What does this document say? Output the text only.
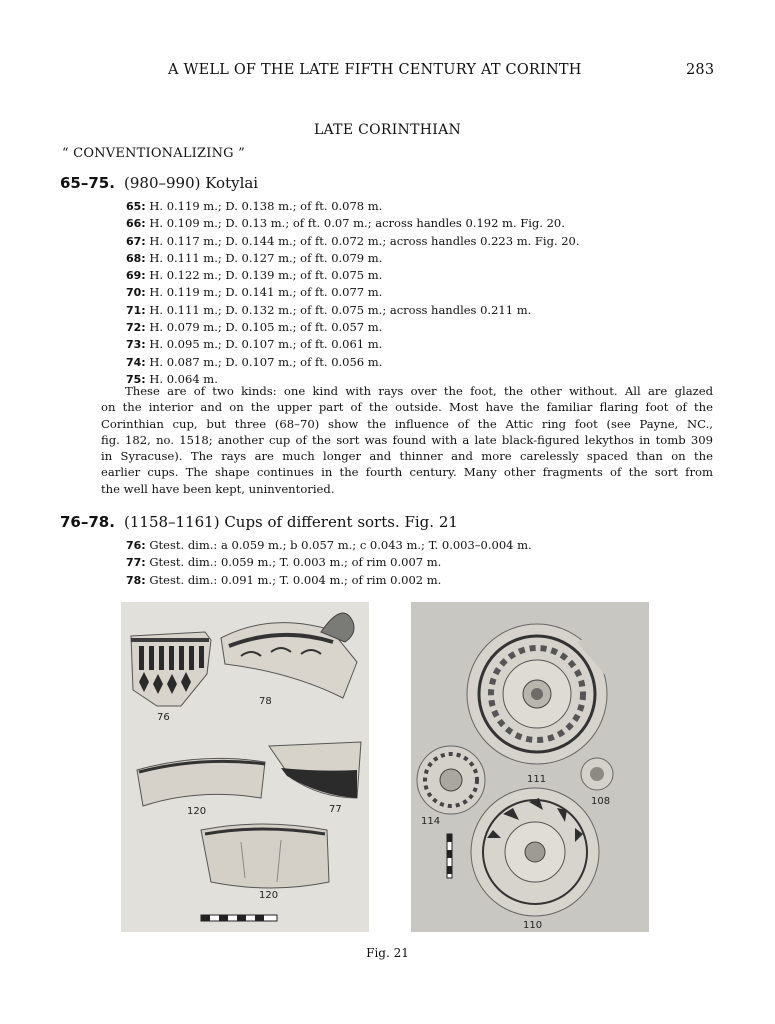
A WELL OF THE LATE FIFTH CENTURY AT CORINTH	283
LATE CORINTHIAN
“ CONVENTIONALIZING ”
65–75. (980–990) Kotylai
65: H. 0.119 m.; D. 0.138 m.; of ft. 0.078 m.
66: H. 0.109 m.; D. 0.13 m.; of ft. 0.07 m.; across handles 0.192 m. Fig. 20.
67: H. 0.117 m.; D. 0.144 m.; of ft. 0.072 m.; across handles 0.223 m. Fig. 20.
68: H. 0.111 m.; D. 0.127 m.; of ft. 0.079 m.
69: H. 0.122 m.; D. 0.139 m.; of ft. 0.075 m.
70: H. 0.119 m.; D. 0.141 m.; of ft. 0.077 m.
71: H. 0.111 m.; D. 0.132 m.; of ft. 0.075 m.; across handles 0.211 m.
72: H. 0.079 m.; D. 0.105 m.; of ft. 0.057 m.
73: H. 0.095 m.; D. 0.107 m.; of ft. 0.061 m.
74: H. 0.087 m.; D. 0.107 m.; of ft. 0.056 m.
75: H. 0.064 m.
These are of two kinds: one kind with rays over the foot, the other without. All are glazed
on the interior and on the upper part of the outside. Most have the familiar flaring foot of the
Corinthian cup, but three (68–70) show the influence of the Attic ring foot (see Payne, NC.,
fig. 182, no. 1518; another cup of the sort was found with a late black-figured lekythos in tomb 309
in Syracuse). The rays are much longer and thinner and more carelessly spaced than on the
earlier cups. The shape continues in the fourth century. Many other fragments of the sort from
the well have been kept, uninventoried.
76–78. (1158–1161) Cups of different sorts. Fig. 21
76: Gtest. dim.: a 0.059 m.; b 0.057 m.; c 0.043 m.; T. 0.003–0.004 m.
77: Gtest. dim.: 0.059 m.; T. 0.003 m.; of rim 0.007 m.
78: Gtest. dim.: 0.091 m.; T. 0.004 m.; of rim 0.002 m.
76
78
120	77
120
111
108
114
110
Fig. 21
